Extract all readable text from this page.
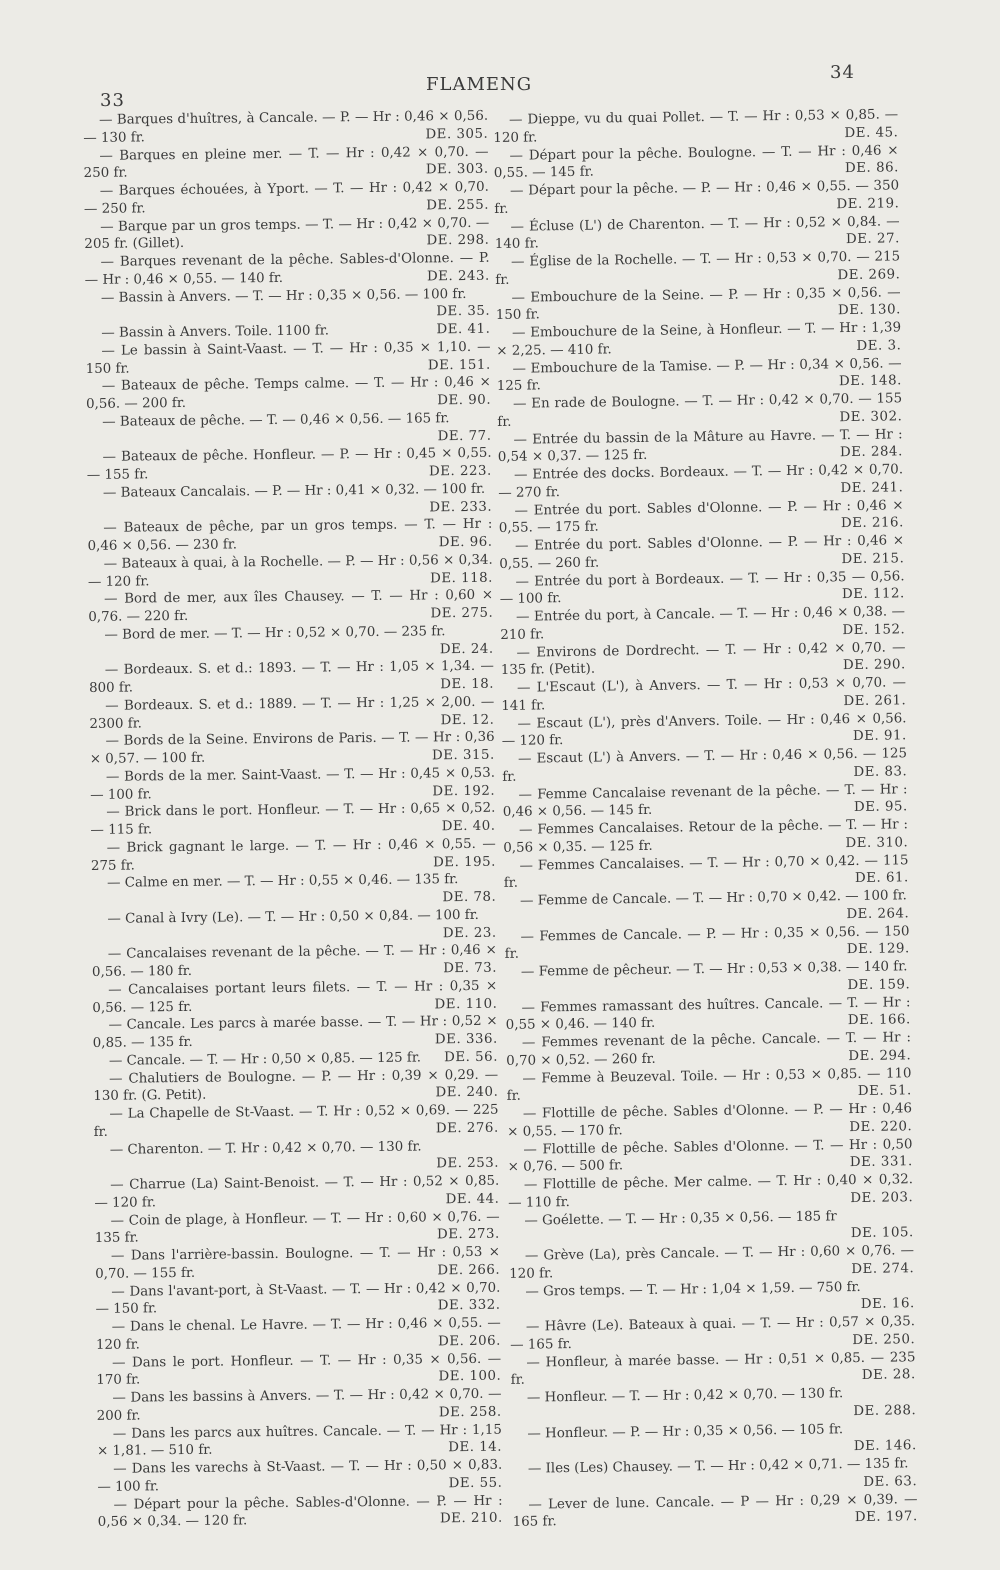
33
FLAMENG
34

— Barques d'huîtres, à Cancale. — P. — Hr : 0,46 × 0,56. — 130 fr.	DE. 305.

— Barques en pleine mer. — T. — Hr : 0,42 × 0,70. — 250 fr.	DE. 303.

— Barques échouées, à Yport. — T. — Hr : 0,42 × 0,70. — 250 fr.	DE. 255.

— Barque par un gros temps. — T. — Hr : 0,42 × 0,70. — 205 fr. (Gillet).	DE. 298.

— Barques revenant de la pêche. Sables-d'Olonne. — P. — Hr : 0,46 × 0,55. — 140 fr.	DE. 243.

— Bassin à Anvers. — T. — Hr : 0,35 × 0,56. — 100 fr.
DE. 35.

— Bassin à Anvers. Toile. 1100 fr.	DE. 41.

— Le bassin à Saint-Vaast. — T. — Hr : 0,35 × 1,10. — 150 fr.	DE. 151.

— Bateaux de pêche. Temps calme. — T. — Hr : 0,46 × 0,56. — 200 fr.	DE. 90.

— Bateaux de pêche. — T. — 0,46 × 0,56. — 165 fr.
DE. 77.

— Bateaux de pêche. Honfleur. — P. — Hr : 0,45 × 0,55. — 155 fr.	DE. 223.

— Bateaux Cancalais. — P. — Hr : 0,41 × 0,32. — 100 fr.
DE. 233.

— Bateaux de pêche, par un gros temps. — T. — Hr : 0,46 × 0,56. — 230 fr.	DE. 96.

— Bateaux à quai, à la Rochelle. — P. — Hr : 0,56 × 0,34. — 120 fr.	DE. 118.

— Bord de mer, aux îles Chausey. — T. — Hr : 0,60 × 0,76. — 220 fr.	DE. 275.

— Bord de mer. — T. — Hr : 0,52 × 0,70. — 235 fr.
DE. 24.

— Bordeaux. S. et d.: 1893. — T. — Hr : 1,05 × 1,34. — 800 fr.	DE. 18.

— Bordeaux. S. et d.: 1889. — T. — Hr : 1,25 × 2,00. — 2300 fr.	DE. 12.

— Bords de la Seine. Environs de Paris. — T. — Hr : 0,36 × 0,57. — 100 fr.	DE. 315.

— Bords de la mer. Saint-Vaast. — T. — Hr : 0,45 × 0,53. — 100 fr.	DE. 192.

— Brick dans le port. Honfleur. — T. — Hr : 0,65 × 0,52. — 115 fr.	DE. 40.

— Brick gagnant le large. — T. — Hr : 0,46 × 0,55. — 275 fr.	DE. 195.

— Calme en mer. — T. — Hr : 0,55 × 0,46. — 135 fr.
DE. 78.

— Canal à Ivry (Le). — T. — Hr : 0,50 × 0,84. — 100 fr.
DE. 23.

— Cancalaises revenant de la pêche. — T. — Hr : 0,46 × 0,56. — 180 fr.	DE. 73.

— Cancalaises portant leurs filets. — T. — Hr : 0,35 × 0,56. — 125 fr.	DE. 110.

— Cancale. Les parcs à marée basse. — T. — Hr : 0,52 × 0,85. — 135 fr.	DE. 336.

— Cancale. — T. — Hr : 0,50 × 0,85. — 125 fr.	DE. 56.

— Chalutiers de Boulogne. — P. — Hr : 0,39 × 0,29. — 130 fr. (G. Petit).	DE. 240.

— La Chapelle de St-Vaast. — T. Hr : 0,52 × 0,69. — 225 fr.	DE. 276.

— Charenton. — T. Hr : 0,42 × 0,70. — 130 fr.
DE. 253.

— Charrue (La) Saint-Benoist. — T. — Hr : 0,52 × 0,85. — 120 fr.	DE. 44.

— Coin de plage, à Honfleur. — T. — Hr : 0,60 × 0,76. — 135 fr.	DE. 273.

— Dans l'arrière-bassin. Boulogne. — T. — Hr : 0,53 × 0,70. — 155 fr.	DE. 266.

— Dans l'avant-port, à St-Vaast. — T. — Hr : 0,42 × 0,70. — 150 fr.	DE. 332.

— Dans le chenal. Le Havre. — T. — Hr : 0,46 × 0,55. — 120 fr.	DE. 206.

— Dans le port. Honfleur. — T. — Hr : 0,35 × 0,56. — 170 fr.	DE. 100.

— Dans les bassins à Anvers. — T. — Hr : 0,42 × 0,70. — 200 fr.	DE. 258.

— Dans les parcs aux huîtres. Cancale. — T. — Hr : 1,15 × 1,81. — 510 fr.	DE. 14.

— Dans les varechs à St-Vaast. — T. — Hr : 0,50 × 0,83. — 100 fr.	DE. 55.

— Départ pour la pêche. Sables-d'Olonne. — P. — Hr : 0,56 × 0,34. — 120 fr.	DE. 210.

— Dieppe, vu du quai Pollet. — T. — Hr : 0,53 × 0,85. — 120 fr.	DE. 45.

— Départ pour la pêche. Boulogne. — T. — Hr : 0,46 × 0,55. — 145 fr.	DE. 86.

— Départ pour la pêche. — P. — Hr : 0,46 × 0,55. — 350 fr.	DE. 219.

— Écluse (L') de Charenton. — T. — Hr : 0,52 × 0,84. — 140 fr.	DE. 27.

— Église de la Rochelle. — T. — Hr : 0,53 × 0,70. — 215 fr.	DE. 269.

— Embouchure de la Seine. — P. — Hr : 0,35 × 0,56. — 150 fr.	DE. 130.

— Embouchure de la Seine, à Honfleur. — T. — Hr : 1,39 × 2,25. — 410 fr.	DE. 3.

— Embouchure de la Tamise. — P. — Hr : 0,34 × 0,56. — 125 fr.	DE. 148.

— En rade de Boulogne. — T. — Hr : 0,42 × 0,70. — 155 fr.	DE. 302.

— Entrée du bassin de la Mâture au Havre. — T. — Hr : 0,54 × 0,37. — 125 fr.	DE. 284.

— Entrée des docks. Bordeaux. — T. — Hr : 0,42 × 0,70. — 270 fr.	DE. 241.

— Entrée du port. Sables d'Olonne. — P. — Hr : 0,46 × 0,55. — 175 fr.	DE. 216.

— Entrée du port. Sables d'Olonne. — P. — Hr : 0,46 × 0,55. — 260 fr.	DE. 215.

— Entrée du port à Bordeaux. — T. — Hr : 0,35 — 0,56. — 100 fr.	DE. 112.

— Entrée du port, à Cancale. — T. — Hr : 0,46 × 0,38. — 210 fr.	DE. 152.

— Environs de Dordrecht. — T. — Hr : 0,42 × 0,70. — 135 fr. (Petit).	DE. 290.

— L'Escaut (L'), à Anvers. — T. — Hr : 0,53 × 0,70. — 141 fr.	DE. 261.

— Escaut (L'), près d'Anvers. Toile. — Hr : 0,46 × 0,56. — 120 fr.	DE. 91.

— Escaut (L') à Anvers. — T. — Hr : 0,46 × 0,56. — 125 fr.	DE. 83.

— Femme Cancalaise revenant de la pêche. — T. — Hr : 0,46 × 0,56. — 145 fr.	DE. 95.

— Femmes Cancalaises. Retour de la pêche. — T. — Hr : 0,56 × 0,35. — 125 fr.	DE. 310.

— Femmes Cancalaises. — T. — Hr : 0,70 × 0,42. — 115 fr.	DE. 61.

— Femme de Cancale. — T. — Hr : 0,70 × 0,42. — 100 fr.
DE. 264.

— Femmes de Cancale. — P. — Hr : 0,35 × 0,56. — 150 fr.	DE. 129.

— Femme de pêcheur. — T. — Hr : 0,53 × 0,38. — 140 fr.
DE. 159.

— Femmes ramassant des huîtres. Cancale. — T. — Hr : 0,55 × 0,46. — 140 fr.	DE. 166.

— Femmes revenant de la pêche. Cancale. — T. — Hr : 0,70 × 0,52. — 260 fr.	DE. 294.

— Femme à Beuzeval. Toile. — Hr : 0,53 × 0,85. — 110 fr.	DE. 51.

— Flottille de pêche. Sables d'Olonne. — P. — Hr : 0,46 × 0,55. — 170 fr.	DE. 220.

— Flottille de pêche. Sables d'Olonne. — T. — Hr : 0,50 × 0,76. — 500 fr.	DE. 331.

— Flottille de pêche. Mer calme. — T. Hr : 0,40 × 0,32. — 110 fr.	DE. 203.

— Goélette. — T. — Hr : 0,35 × 0,56. — 185 fr
DE. 105.

— Grève (La), près Cancale. — T. — Hr : 0,60 × 0,76. — 120 fr.	DE. 274.

— Gros temps. — T. — Hr : 1,04 × 1,59. — 750 fr.
DE. 16.

— Hâvre (Le). Bateaux à quai. — T. — Hr : 0,57 × 0,35. — 165 fr.	DE. 250.

— Honfleur, à marée basse. — Hr : 0,51 × 0,85. — 235 fr.	DE. 28.

— Honfleur. — T. — Hr : 0,42 × 0,70. — 130 fr.
DE. 288.

— Honfleur. — P. — Hr : 0,35 × 0,56. — 105 fr.
DE. 146.

— Iles (Les) Chausey. — T. — Hr : 0,42 × 0,71. — 135 fr.
DE. 63.

— Lever de lune. Cancale. — P — Hr : 0,29 × 0,39. — 165 fr.	DE. 197.
